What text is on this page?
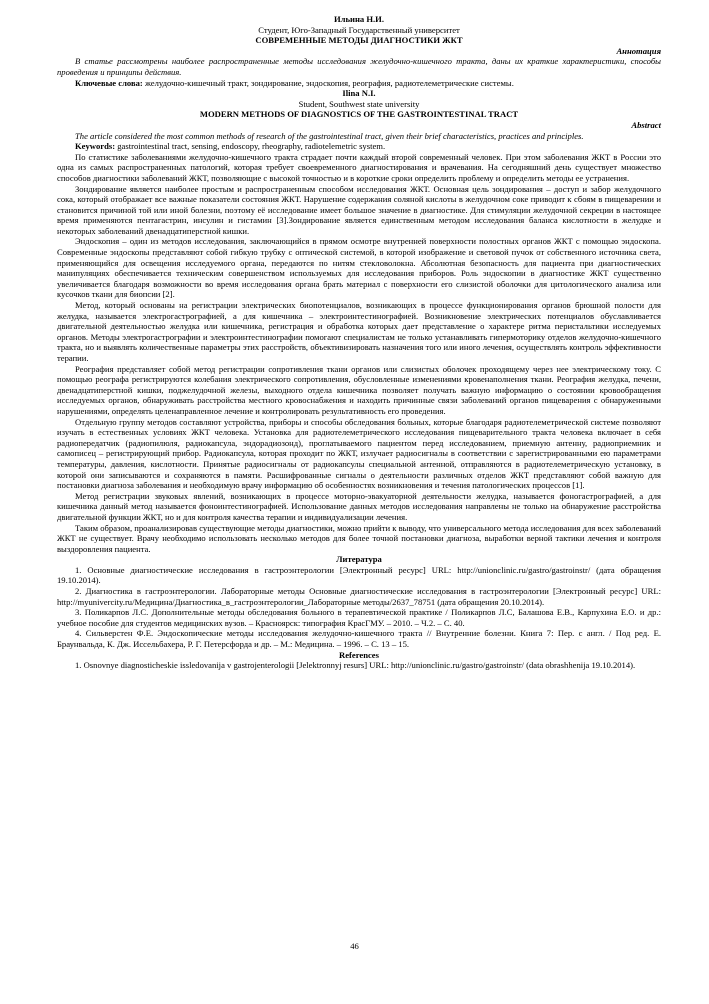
Ильина Н.И.
Студент, Юго-Западный Государственный университет
СОВРЕМЕННЫЕ МЕТОДЫ ДИАГНОСТИКИ ЖКТ
Аннотация
В статье рассмотрены наиболее распространенные методы исследования желудочно-кишечного тракта, даны их краткие характеристики, способы проведения и принципы действия.
Ключевые слова: желудочно-кишечный тракт, зондирование, эндоскопия, реография, радиотелеметрические системы.
Ilina N.I.
Student, Southwest state university
MODERN METHODS OF DIAGNOSTICS OF THE GASTROINTESTINAL TRACT
Abstract
The article considered the most common methods of research of the gastrointestinal tract, given their brief characteristics, practices and principles.
Keywords: gastrointestinal tract, sensing, endoscopy, rheography, radiotelemetric system.
По статистике заболеваниями желудочно-кишечного тракта страдает почти каждый второй современный человек. При этом заболевания ЖКТ в России это одна из самых распространенных патологий, которая требует своевременного диагностирования и врачевания. На сегодняшний день существует множество способов диагностики заболеваний ЖКТ, позволяющие с высокой точностью и в короткие сроки определить проблему и определить методы ее устранения.
Зондирование является наиболее простым и распространенным способом исследования ЖКТ. Основная цель зондирования – доступ и забор желудочного сока, который отображает все важные показатели состояния ЖКТ. Нарушение содержания соляной кислоты в желудочном соке приводит к сбоям в пищеварении и становится причиной той или иной болезни, поэтому её исследование имеет большое значение в диагностике. Для стимуляции желудочной секреции в настоящее время применяются пентагастрин, инсулин и гистамин [3].Зондирование является единственным методом исследования баланса кислотности в желудке и некоторых заболеваний двенадцатиперстной кишки.
Эндоскопия – один из методов исследования, заключающийся в прямом осмотре внутренней поверхности полостных органов ЖКТ с помощью эндоскопа. Современные эндоскопы представляют собой гибкую трубку с оптической системой, в которой изображение и световой пучок от собственного источника света, применяющийся для освещения исследуемого органа, передаются по нитям стекловолокна. Абсолютная безопасность для пациента при диагностических манипуляциях обеспечивается техническим совершенством используемых для исследования приборов. Роль эндоскопии в диагностике ЖКТ существенно увеличивается благодаря возможности во время исследования органа брать материал с поверхности его слизистой оболочки для цитологического анализа или кусочков ткани для биопсии [2].
Метод, который основаны на регистрации электрических биопотенциалов, возникающих в процессе функционирования органов брюшной полости для желудка, называется электрогастрографией, а для кишечника – электроинтестинографией. Возникновение электрических потенциалов обуславливается двигательной деятельностью желудка или кишечника, регистрация и обработка которых дает представление о характере ритма перистальтики исследуемых органов. Методы электрогастрографии и электроинтестинографии помогают специалистам не только устанавливать гипермоторику отделов желудочно-кишечного тракта, но и выявлять количественные параметры этих расстройств, объективизировать назначения того или иного лечения, осуществлять контроль эффективности терапии.
Реография представляет собой метод регистрации сопротивления ткани органов или слизистых оболочек проходящему через нее электрическому току. С помощью реографа регистрируются колебания электрического сопротивления, обусловленные изменениями кровенаполнения ткани. Реография желудка, печени, двенадцатиперстной кишки, поджелудочной железы, выходного отдела кишечника позволяет получать важную информацию о состоянии кровообращения исследуемых органов, обнаруживать расстройства местного кровоснабжения и находить причинные связи заболеваний органов пищеварения с обнаруженными нарушениями, определять целенаправленное лечение и контролировать результативность его проведения.
Отдельную группу методов составляют устройства, приборы и способы обследования больных, которые благодаря радиотелеметрической системе позволяют изучать в естественных условиях ЖКТ человека. Установка для радиотелеметрического исследования пищеварительного тракта человека включает в себя радиопередатчик (радиопилюля, радиокапсула, эндорадиозонд), проглатываемого пациентом перед исследованием, приемную антенну, радиоприемник и самописец – регистрирующий прибор. Радиокапсула, которая проходит по ЖКТ, излучает радиосигналы в соответствии с зарегистрированными ею параметрами температуры, давления, кислотности. Принятые радиосигналы от радиокапсулы специальной антенной, отправляются в радиотелеметрическую установку, в которой они записываются и сохраняются в памяти. Расшифрованные сигналы о деятельности различных отделов ЖКТ представляют собой важную для постановки диагноза заболевания и необходимую врачу информацию об особенностях возникновения и течения патологических процессов [1].
Метод регистрации звуковых явлений, возникающих в процессе моторно-эвакуаторной деятельности желудка, называется фоногастрографией, а для кишечника данный метод называется фоноинтестинографией. Использование данных методов исследования направлены не только на обнаружение расстройства двигательной функции ЖКТ, но и для контроля качества терапии и индивидуализации лечения.
Таким образом, проанализировав существующие методы диагностики, можно прийти к выводу, что универсального метода исследования для всех заболеваний ЖКТ не существует. Врачу необходимо использовать несколько методов для более точной постановки диагноза, выработки верной тактики лечения и контроля выздоровления пациента.
Литература
1. Основные диагностические исследования в гастроэнтерологии [Электронный ресурс] URL: http://unionclinic.ru/gastro/gastroinstr/ (дата обращения 19.10.2014).
2. Диагностика в гастроэнтерологии. Лабораторные методы Основные диагностические исследования в гастроэнтерологии [Электронный ресурс] URL: http://myunivercity.ru/Медицина/Диагностика_в_гастроэнтерологии_Лабораторные методы/2637_78751 (дата обращения 20.10.2014).
3. Поликарпов Л.С. Дополнительные методы обследования больного в терапевтической практике / Поликарпов Л.С, Балашова Е.В., Карпухина Е.О. и др.: учебное пособие для студентов медицинских вузов. – Красноярск: типография КрасГМУ. – 2010. – Ч.2. – С. 40.
4. Сильверстен Ф.Е. Эндоскопические методы исследования желудочно-кишечного тракта // Внутренние болезни. Книга 7: Пер. с англ. / Под ред. Е. Браунвальда, К. Дж. Иссельбахера, Р. Г. Петерсфорда и др. – М.: Медицина. – 1996. – С. 13 – 15.
References
1. Osnovnye diagnosticheskie issledovanija v gastrojenterologii [Jelektronnyj resurs] URL: http://unionclinic.ru/gastro/gastroinstr/ (data obrashhenija 19.10.2014).
46
